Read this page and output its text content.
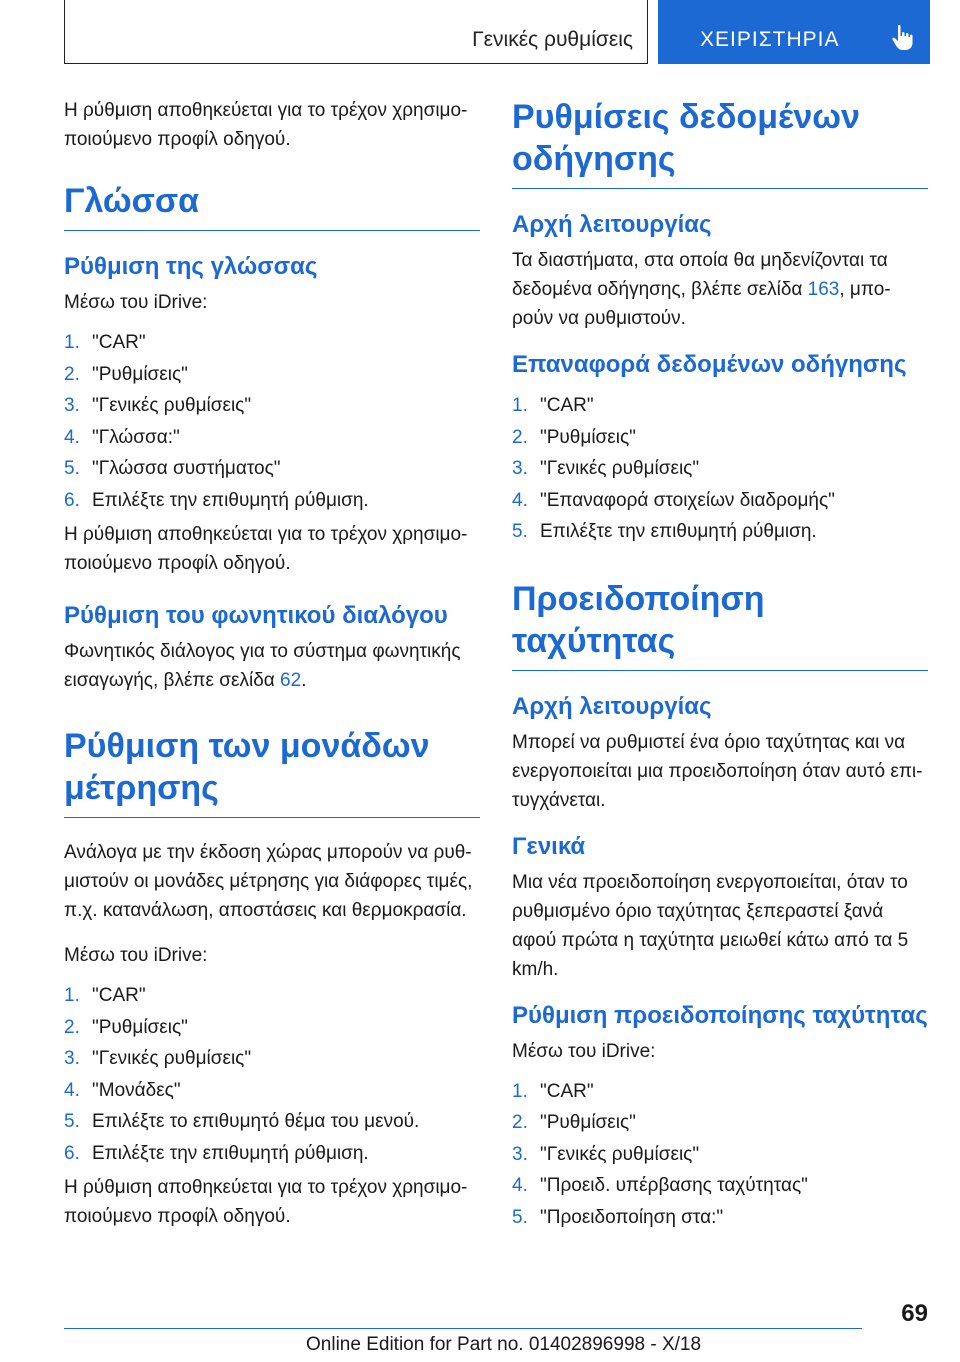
Γενικές ρυθμίσεις	ΧΕΙΡΙΣΤΗΡΙΑ

Η ρύθμιση αποθηκεύεται για το τρέχον χρησιμο-ποιούμενο προφίλ οδηγού.

Γλώσσα
Ρύθμιση της γλώσσας

Μέσω του iDrive:

1. "CAR"
2. "Ρυθμίσεις"
3. "Γενικές ρυθμίσεις"
4. "Γλώσσα:"
5. "Γλώσσα συστήματος"
6. Επιλέξτε την επιθυμητή ρύθμιση.

Η ρύθμιση αποθηκεύεται για το τρέχον χρησιμο-ποιούμενο προφίλ οδηγού.

Ρύθμιση του φωνητικού διαλόγου

Φωνητικός διάλογος για το σύστημα φωνητικής εισαγωγής, βλέπε σελίδα 62.

Ρύθμιση των μονάδων μέτρησης

Ανάλογα με την έκδοση χώρας μπορούν να ρυθ-μιστούν οι μονάδες μέτρησης για διάφορες τιμές, π.χ. κατανάλωση, αποστάσεις και θερμοκρασία.

Μέσω του iDrive:

1. "CAR"
2. "Ρυθμίσεις"
3. "Γενικές ρυθμίσεις"
4. "Μονάδες"
5. Επιλέξτε το επιθυμητό θέμα του μενού.
6. Επιλέξτε την επιθυμητή ρύθμιση.

Η ρύθμιση αποθηκεύεται για το τρέχον χρησιμο-ποιούμενο προφίλ οδηγού.

Ρυθμίσεις δεδομένων οδήγησης
Αρχή λειτουργίας

Τα διαστήματα, στα οποία θα μηδενίζονται τα δεδομένα οδήγησης, βλέπε σελίδα 163, μπο-ρούν να ρυθμιστούν.

Επαναφορά δεδομένων οδήγησης
1. "CAR"
2. "Ρυθμίσεις"
3. "Γενικές ρυθμίσεις"
4. "Επαναφορά στοιχείων διαδρομής"
5. Επιλέξτε την επιθυμητή ρύθμιση.
Προειδοποίηση ταχύτητας
Αρχή λειτουργίας

Μπορεί να ρυθμιστεί ένα όριο ταχύτητας και να ενεργοποιείται μια προειδοποίηση όταν αυτό επι-τυγχάνεται.

Γενικά

Μια νέα προειδοποίηση ενεργοποιείται, όταν το ρυθμισμένο όριο ταχύτητας ξεπεραστεί ξανά αφού πρώτα η ταχύτητα μειωθεί κάτω από τα 5 km/h.

Ρύθμιση προειδοποίησης ταχύτητας

Μέσω του iDrive:

1. "CAR"
2. "Ρυθμίσεις"
3. "Γενικές ρυθμίσεις"
4. "Προειδ. υπέρβασης ταχύτητας"
5. "Προειδοποίηση στα:"
69
Online Edition for Part no. 01402896998 - X/18
